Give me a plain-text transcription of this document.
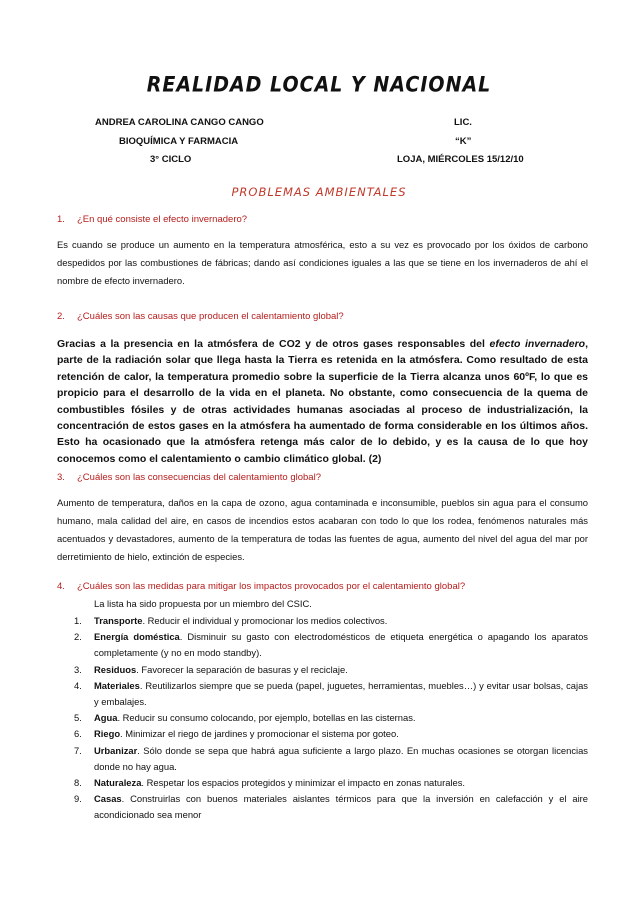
REALIDAD LOCAL Y NACIONAL
ANDREA CAROLINA CANGO CANGO
BIOQUÍMICA Y FARMACIA
3° CICLO
LIC.
“K”
LOJA, MIÉRCOLES 15/12/10
PROBLEMAS AMBIENTALES
1. ¿En qué consiste el efecto invernadero?
Es cuando se produce un aumento en la temperatura atmosférica, esto a su vez es provocado por los óxidos de carbono despedidos por las combustiones de fábricas; dando así condiciones iguales a las que se tiene en los invernaderos de ahí el nombre de efecto invernadero.
2. ¿Cuáles son las causas que producen el calentamiento global?
Gracias a la presencia en la atmósfera de CO2 y de otros gases responsables del efecto invernadero, parte de la radiación solar que llega hasta la Tierra es retenida en la atmósfera. Como resultado de esta retención de calor, la temperatura promedio sobre la superficie de la Tierra alcanza unos 60ºF, lo que es propicio para el desarrollo de la vida en el planeta. No obstante, como consecuencia de la quema de combustibles fósiles y de otras actividades humanas asociadas al proceso de industrialización, la concentración de estos gases en la atmósfera ha aumentado de forma considerable en los últimos años. Esto ha ocasionado que la atmósfera retenga más calor de lo debido, y es la causa de lo que hoy conocemos como el calentamiento o cambio climático global. (2)
3. ¿Cuáles son las consecuencias del calentamiento global?
Aumento de temperatura, daños en la capa de ozono, agua contaminada e inconsumible, pueblos sin agua para el consumo humano, mala calidad del aire, en casos de incendios estos acabaran con todo lo que los rodea, fenómenos naturales más acentuados y devastadores, aumento de la temperatura de todas las fuentes de agua, aumento del nivel del agua del mar por derretimiento de hielo, extinción de especies.
4. ¿Cuáles son las medidas para mitigar los impactos provocados por el calentamiento global?
La lista ha sido propuesta por un miembro del CSIC.
1.	Transporte. Reducir el individual y promocionar los medios colectivos.
2.	Energía doméstica. Disminuir su gasto con electrodomésticos de etiqueta energética o apagando los aparatos completamente (y no en modo standby).
3.	Residuos. Favorecer la separación de basuras y el reciclaje.
4.	Materiales. Reutilizarlos siempre que se pueda (papel, juguetes, herramientas, muebles…) y evitar usar bolsas, cajas y embalajes.
5.	Agua. Reducir su consumo colocando, por ejemplo, botellas en las cisternas.
6.	Riego. Minimizar el riego de jardines y promocionar el sistema por goteo.
7.	Urbanizar. Sólo donde se sepa que habrá agua suficiente a largo plazo. En muchas ocasiones se otorgan licencias donde no hay agua.
8.	Naturaleza. Respetar los espacios protegidos y minimizar el impacto en zonas naturales.
9.	Casas. Construirlas con buenos materiales aislantes térmicos para que la inversión en calefacción y el aire acondicionado sea menor
